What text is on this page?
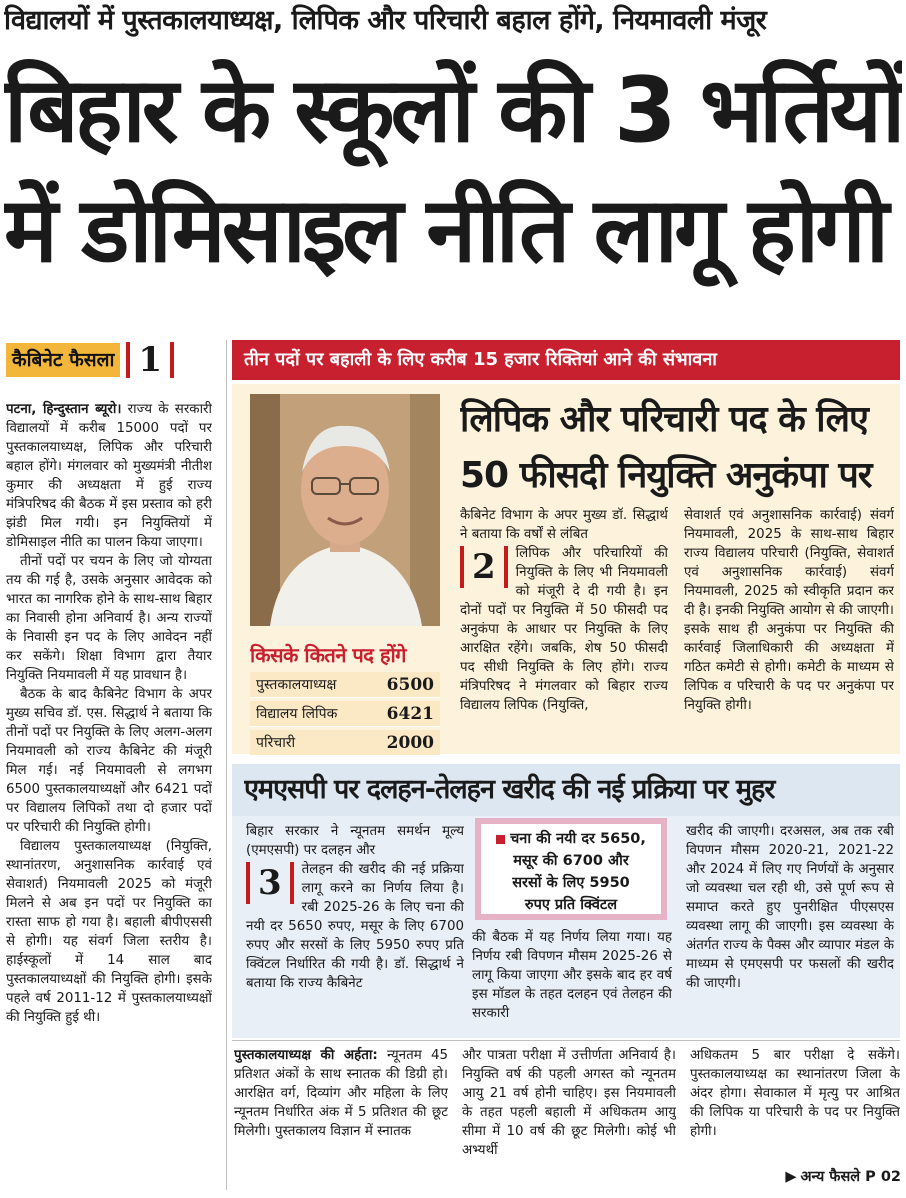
विद्यालयों में पुस्तकालयाध्यक्ष, लिपिक और परिचारी बहाल होंगे, नियमावली मंजूर
बिहार के स्कूलों की 3 भर्तियों
में डोमिसाइल नीति लागू होगी
कैबिनेट फैसला 1

पटना, हिन्दुस्तान ब्यूरो। राज्य के सरकारी विद्यालयों में करीब 15000 पदों पर पुस्तकालयाध्यक्ष, लिपिक और परिचारी बहाल होंगे। मंगलवार को मुख्यमंत्री नीतीश कुमार की अध्यक्षता में हुई राज्य मंत्रिपरिषद की बैठक में इस प्रस्ताव को हरी झंडी मिल गयी। इन नियुक्तियों में डोमिसाइल नीति का पालन किया जाएगा।

तीनों पदों पर चयन के लिए जो योग्यता तय की गई है, उसके अनुसार आवेदक को भारत का नागरिक होने के साथ-साथ बिहार का निवासी होना अनिवार्य है। अन्य राज्यों के निवासी इन पद के लिए आवेदन नहीं कर सकेंगे। शिक्षा विभाग द्वारा तैयार नियुक्ति नियमावली में यह प्रावधान है।

बैठक के बाद कैबिनेट विभाग के अपर मुख्य सचिव डॉ. एस. सिद्धार्थ ने बताया कि तीनों पदों पर नियुक्ति के लिए अलग-अलग नियमावली को राज्य कैबिनेट की मंजूरी मिल गई। नई नियमावली से लगभग 6500 पुस्तकालयाध्यक्षों और 6421 पदों पर विद्यालय लिपिकों तथा दो हजार पदों पर परिचारी की नियुक्ति होगी।

विद्यालय पुस्तकालयाध्यक्ष (नियुक्ति, स्थानांतरण, अनुशासनिक कार्रवाई एवं सेवाशर्त) नियमावली 2025 को मंजूरी मिलने से अब इन पदों पर नियुक्ति का रास्ता साफ हो गया है। बहाली बीपीएससी से होगी। यह संवर्ग जिला स्तरीय है। हाईस्कूलों में 14 साल बाद पुस्तकालयाध्यक्षों की नियुक्ति होगी। इसके पहले वर्ष 2011-12 में पुस्तकालयाध्यक्षों की नियुक्ति हुई थी।

तीन पदों पर बहाली के लिए करीब 15 हजार रिक्तियां आने की संभावना
लिपिक और परिचारी पद के लिए
50 फीसदी नियुक्ति अनुकंपा पर

कैबिनेट विभाग के अपर मुख्य डॉ. सिद्धार्थ ने बताया कि वर्षों से लंबित

2	लिपिक और परिचारियों की नियुक्ति के लिए भी नियमावली को मंजूरी दे दी गयी है। इन दोनों पदों पर नियुक्ति में 50 फीसदी पद अनुकंपा के आधार पर नियुक्ति के लिए आरक्षित रहेंगे। जबकि, शेष 50 फीसदी पद सीधी नियुक्ति के लिए होंगे। राज्य मंत्रिपरिषद ने मंगलवार को बिहार राज्य विद्यालय लिपिक (नियुक्ति,

सेवाशर्त एवं अनुशासनिक कार्रवाई) संवर्ग नियमावली, 2025 के साथ-साथ बिहार राज्य विद्यालय परिचारी (नियुक्ति, सेवाशर्त एवं अनुशासनिक कार्रवाई) संवर्ग नियमावली, 2025 को स्वीकृति प्रदान कर दी है। इनकी नियुक्ति आयोग से की जाएगी। इसके साथ ही अनुकंपा पर नियुक्ति की कार्रवाई जिलाधिकारी की अध्यक्षता में गठित कमेटी से होगी। कमेटी के माध्यम से लिपिक व परिचारी के पद पर अनुकंपा पर नियुक्ति होगी।

किसके कितने पद होंगे
पुस्तकालयाध्यक्ष	6500
विद्यालय लिपिक	6421
परिचारी	2000
एमएसपी पर दलहन-तेलहन खरीद की नई प्रक्रिया पर मुहर

बिहार सरकार ने न्यूनतम समर्थन मूल्य (एमएसपी) पर दलहन और

3	तेलहन की खरीद की नई प्रक्रिया लागू करने का निर्णय लिया है। रबी 2025-26 के लिए चना की नयी दर 5650 रुपए, मसूर के लिए 6700 रुपए और सरसों के लिए 5950 रुपए प्रति क्विंटल निर्धारित की गयी है। डॉ. सिद्धार्थ ने बताया कि राज्य कैबिनेट

चना की नयी दर 5650,
मसूर की 6700 और
सरसों के लिए 5950
रुपए प्रति क्विंटल

की बैठक में यह निर्णय लिया गया। यह निर्णय रबी विपणन मौसम 2025-26 से लागू किया जाएगा और इसके बाद हर वर्ष इस मॉडल के तहत दलहन एवं तेलहन की सरकारी

खरीद की जाएगी। दरअसल, अब तक रबी विपणन मौसम 2020-21, 2021-22 और 2024 में लिए गए निर्णयों के अनुसार जो व्यवस्था चल रही थी, उसे पूर्ण रूप से समाप्त करते हुए पुनरीक्षित पीएसएस व्यवस्था लागू की जाएगी। इस व्यवस्था के अंतर्गत राज्य के पैक्स और व्यापार मंडल के माध्यम से एमएसपी पर फसलों की खरीद की जाएगी।

पुस्तकालयाध्यक्ष की अर्हता: न्यूनतम 45 प्रतिशत अंकों के साथ स्नातक की डिग्री हो। आरक्षित वर्ग, दिव्यांग और महिला के लिए न्यूनतम निर्धारित अंक में 5 प्रतिशत की छूट मिलेगी। पुस्तकालय विज्ञान में स्नातक

और पात्रता परीक्षा में उत्तीर्णता अनिवार्य है। नियुक्ति वर्ष की पहली अगस्त को न्यूनतम आयु 21 वर्ष होनी चाहिए। इस नियमावली के तहत पहली बहाली में अधिकतम आयु सीमा में 10 वर्ष की छूट मिलेगी। कोई भी अभ्यर्थी

अधिकतम 5 बार परीक्षा दे सकेंगे। पुस्तकालयाध्यक्ष का स्थानांतरण जिला के अंदर होगा। सेवाकाल में मृत्यु पर आश्रित की लिपिक या परिचारी के पद पर नियुक्ति होगी।

▶ अन्य फैसले P 02
